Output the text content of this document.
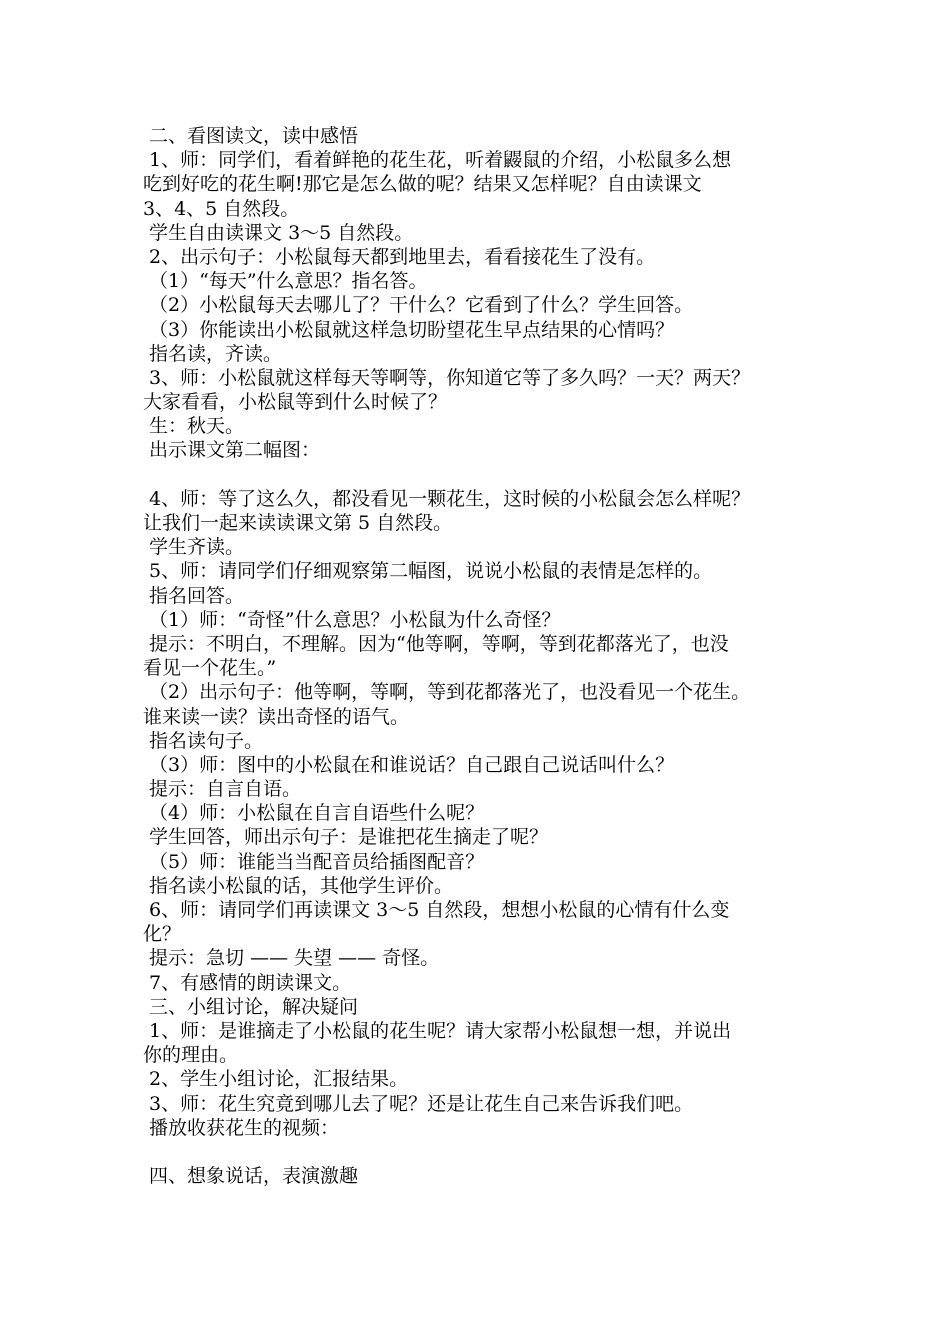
二、看图读文，读中感悟
1、师：同学们，看着鲜艳的花生花，听着鼹鼠的介绍，小松鼠多么想
吃到好吃的花生啊!那它是怎么做的呢？结果又怎样呢？自由读课文
3、4、5 自然段。
学生自由读课文 3～5 自然段。
2、出示句子：小松鼠每天都到地里去，看看接花生了没有。
（1）“每天”什么意思？指名答。
（2）小松鼠每天去哪儿了？干什么？它看到了什么？学生回答。
（3）你能读出小松鼠就这样急切盼望花生早点结果的心情吗？
指名读，齐读。
3、师：小松鼠就这样每天等啊等，你知道它等了多久吗？一天？两天？
大家看看，小松鼠等到什么时候了？
生：秋天。
出示课文第二幅图：
4、师：等了这么久，都没看见一颗花生，这时候的小松鼠会怎么样呢？
让我们一起来读读课文第 5 自然段。
学生齐读。
5、师：请同学们仔细观察第二幅图，说说小松鼠的表情是怎样的。
指名回答。
（1）师：“奇怪”什么意思？小松鼠为什么奇怪？
提示：不明白，不理解。因为“他等啊，等啊，等到花都落光了，也没
看见一个花生。”
（2）出示句子：他等啊，等啊，等到花都落光了，也没看见一个花生。
谁来读一读？读出奇怪的语气。
指名读句子。
（3）师：图中的小松鼠在和谁说话？自己跟自己说话叫什么？
提示：自言自语。
（4）师：小松鼠在自言自语些什么呢？
学生回答，师出示句子：是谁把花生摘走了呢？
（5）师：谁能当当配音员给插图配音？
指名读小松鼠的话，其他学生评价。
6、师：请同学们再读课文 3～5 自然段，想想小松鼠的心情有什么变
化？
提示：急切 —— 失望 —— 奇怪。
7、有感情的朗读课文。
三、小组讨论，解决疑问
1、师：是谁摘走了小松鼠的花生呢？请大家帮小松鼠想一想，并说出
你的理由。
2、学生小组讨论，汇报结果。
3、师：花生究竟到哪儿去了呢？还是让花生自己来告诉我们吧。
播放收获花生的视频：
四、想象说话，表演激趣
